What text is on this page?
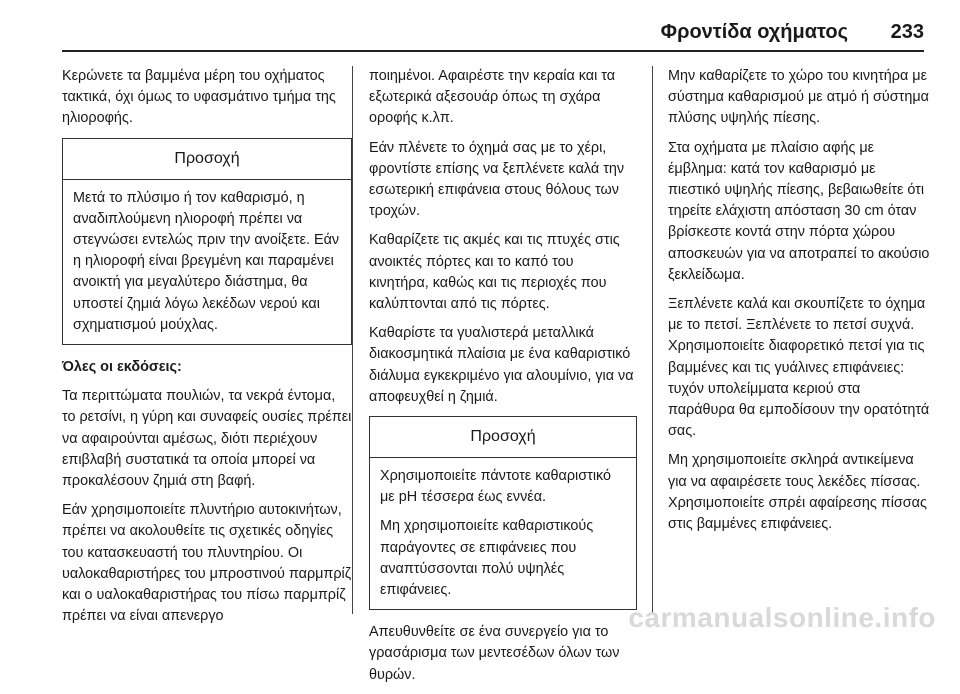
Φροντίδα οχήματος 233

Κερώνετε τα βαμμένα μέρη του οχήματος τακτικά, όχι όμως το υφασμάτινο τμήμα της ηλιοροφής.

Προσοχή

Μετά το πλύσιμο ή τον καθαρισμό, η αναδιπλούμενη ηλιοροφή πρέπει να στεγνώσει εντελώς πριν την ανοίξετε. Εάν η ηλιοροφή είναι βρεγμένη και παραμένει ανοικτή για μεγαλύτερο διάστημα, θα υποστεί ζημιά λόγω λεκέδων νερού και σχηματισμού μούχλας.

Όλες οι εκδόσεις:

Τα περιττώματα πουλιών, τα νεκρά έντομα, το ρετσίνι, η γύρη και συναφείς ουσίες πρέπει να αφαιρούνται αμέσως, διότι περιέχουν επιβλαβή συστατικά τα οποία μπορεί να προκαλέσουν ζημιά στη βαφή.

Εάν χρησιμοποιείτε πλυντήριο αυτοκινήτων, πρέπει να ακολουθείτε τις σχετικές οδηγίες του κατασκευαστή του πλυντηρίου. Οι υαλοκαθαριστήρες του μπροστινού παρμπρίζ και ο υαλοκαθαριστήρας του πίσω παρμπρίζ πρέπει να είναι απενεργο

ποιημένοι. Αφαιρέστε την κεραία και τα εξωτερικά αξεσουάρ όπως τη σχάρα οροφής κ.λπ.

Εάν πλένετε το όχημά σας με το χέρι, φροντίστε επίσης να ξεπλένετε καλά την εσωτερική επιφάνεια στους θόλους των τροχών.

Καθαρίζετε τις ακμές και τις πτυχές στις ανοικτές πόρτες και το καπό του κινητήρα, καθώς και τις περιοχές που καλύπτονται από τις πόρτες.

Καθαρίστε τα γυαλιστερά μεταλλικά διακοσμητικά πλαίσια με ένα καθαριστικό διάλυμα εγκεκριμένο για αλουμίνιο, για να αποφευχθεί η ζημιά.

Προσοχή

Χρησιμοποιείτε πάντοτε καθαριστικό με pH τέσσερα έως εννέα.

Μη χρησιμοποιείτε καθαριστικούς παράγοντες σε επιφάνειες που αναπτύσσονται πολύ υψηλές επιφάνειες.

Απευθυνθείτε σε ένα συνεργείο για το γρασάρισμα των μεντεσέδων όλων των θυρών.

Μην καθαρίζετε το χώρο του κινητήρα με σύστημα καθαρισμού με ατμό ή σύστημα πλύσης υψηλής πίεσης.

Στα οχήματα με πλαίσιο αφής με έμβλημα: κατά τον καθαρισμό με πιεστικό υψηλής πίεσης, βεβαιωθείτε ότι τηρείτε ελάχιστη απόσταση 30 cm όταν βρίσκεστε κοντά στην πόρτα χώρου αποσκευών για να αποτραπεί το ακούσιο ξεκλείδωμα.

Ξεπλένετε καλά και σκουπίζετε το όχημα με το πετσί. Ξεπλένετε το πετσί συχνά. Χρησιμοποιείτε διαφορετικό πετσί για τις βαμμένες και τις γυάλινες επιφάνειες: τυχόν υπολείμματα κεριού στα παράθυρα θα εμποδίσουν την ορατότητά σας.

Μη χρησιμοποιείτε σκληρά αντικείμενα για να αφαιρέσετε τους λεκέδες πίσσας. Χρησιμοποιείτε σπρέι αφαίρεσης πίσσας στις βαμμένες επιφάνειες.

carmanualsonline.info
